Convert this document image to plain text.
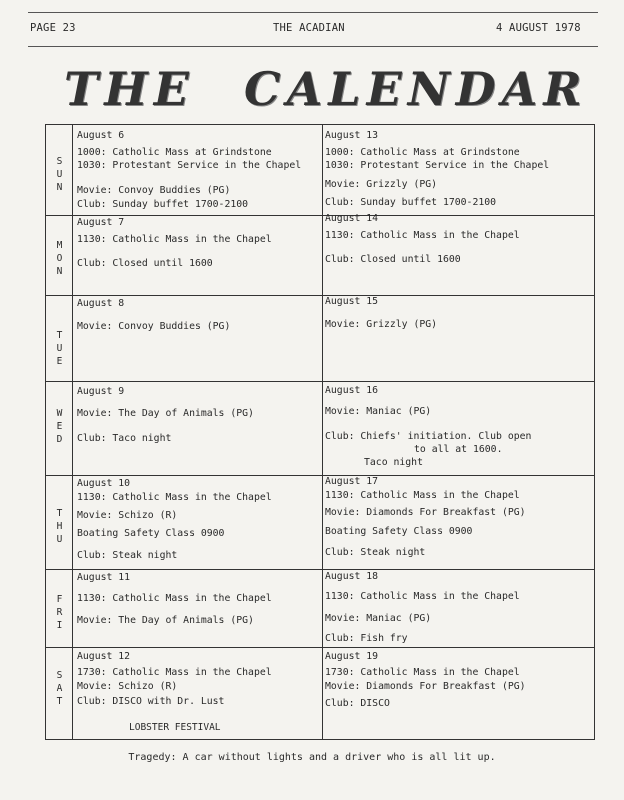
PAGE 23	THE ACADIAN	4 AUGUST 1978
THE CALENDAR
S
U
N
August 6
1000: Catholic Mass at Grindstone
1030: Protestant Service in the Chapel
Movie: Convoy Buddies (PG)
Club: Sunday buffet 1700-2100
August 13
1000: Catholic Mass at Grindstone
1030: Protestant Service in the Chapel
Movie: Grizzly (PG)
Club: Sunday buffet 1700-2100
M
O
N
August 7
1130: Catholic Mass in the Chapel
Club: Closed until 1600
August 14
1130: Catholic Mass in the Chapel
Club: Closed until 1600
T
U
E
August 8
Movie: Convoy Buddies (PG)
August 15
Movie: Grizzly (PG)
W
E
D
August 9
Movie: The Day of Animals (PG)
Club: Taco night
August 16
Movie: Maniac (PG)
Club: Chiefs' initiation. Club open
to all at 1600.
Taco night
T
H
U
August 10
1130: Catholic Mass in the Chapel
Movie: Schizo (R)
Boating Safety Class 0900
Club: Steak night
August 17
1130: Catholic Mass in the Chapel
Movie: Diamonds For Breakfast (PG)
Boating Safety Class 0900
Club: Steak night
F
R
I
August 11
1130: Catholic Mass in the Chapel
Movie: The Day of Animals (PG)
August 18
1130: Catholic Mass in the Chapel
Movie: Maniac (PG)
Club: Fish fry
S
A
T
August 12
1730: Catholic Mass in the Chapel
Movie: Schizo (R)
Club: DISCO with Dr. Lust
LOBSTER FESTIVAL
August 19
1730: Catholic Mass in the Chapel
Movie: Diamonds For Breakfast (PG)
Club: DISCO
Tragedy: A car without lights and a driver who is all lit up.
